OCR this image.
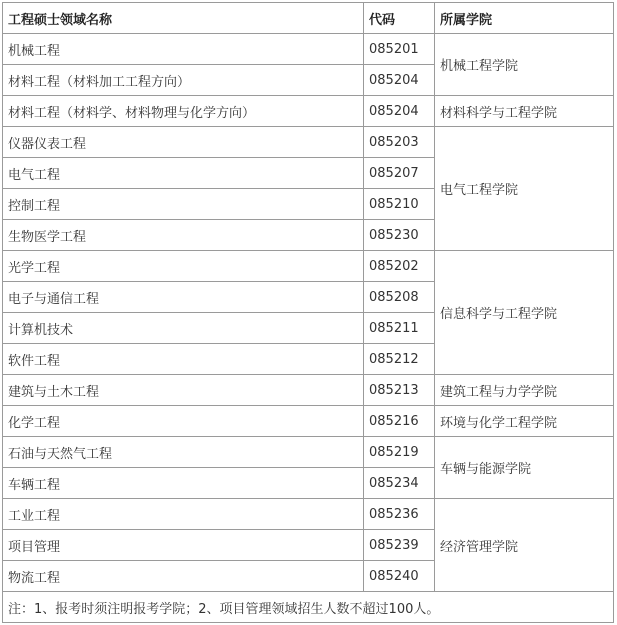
工程硕士领域名称	代码	所属学院
机械工程	085201	机械工程学院
材料工程（材料加工工程方向）	085204	
材料工程（材料学、材料物理与化学方向）	085204	材料科学与工程学院
仪器仪表工程	085203	电气工程学院
电气工程	085207	
控制工程	085210	
生物医学工程	085230	
光学工程	085202	信息科学与工程学院
电子与通信工程	085208	
计算机技术	085211	
软件工程	085212	
建筑与土木工程	085213	建筑工程与力学学院
化学工程	085216	环境与化学工程学院
石油与天然气工程	085219	车辆与能源学院
车辆工程	085234	
工业工程	085236	经济管理学院
项目管理	085239	
物流工程	085240	
注：1、报考时须注明报考学院；2、项目管理领域招生人数不超过100人。		
